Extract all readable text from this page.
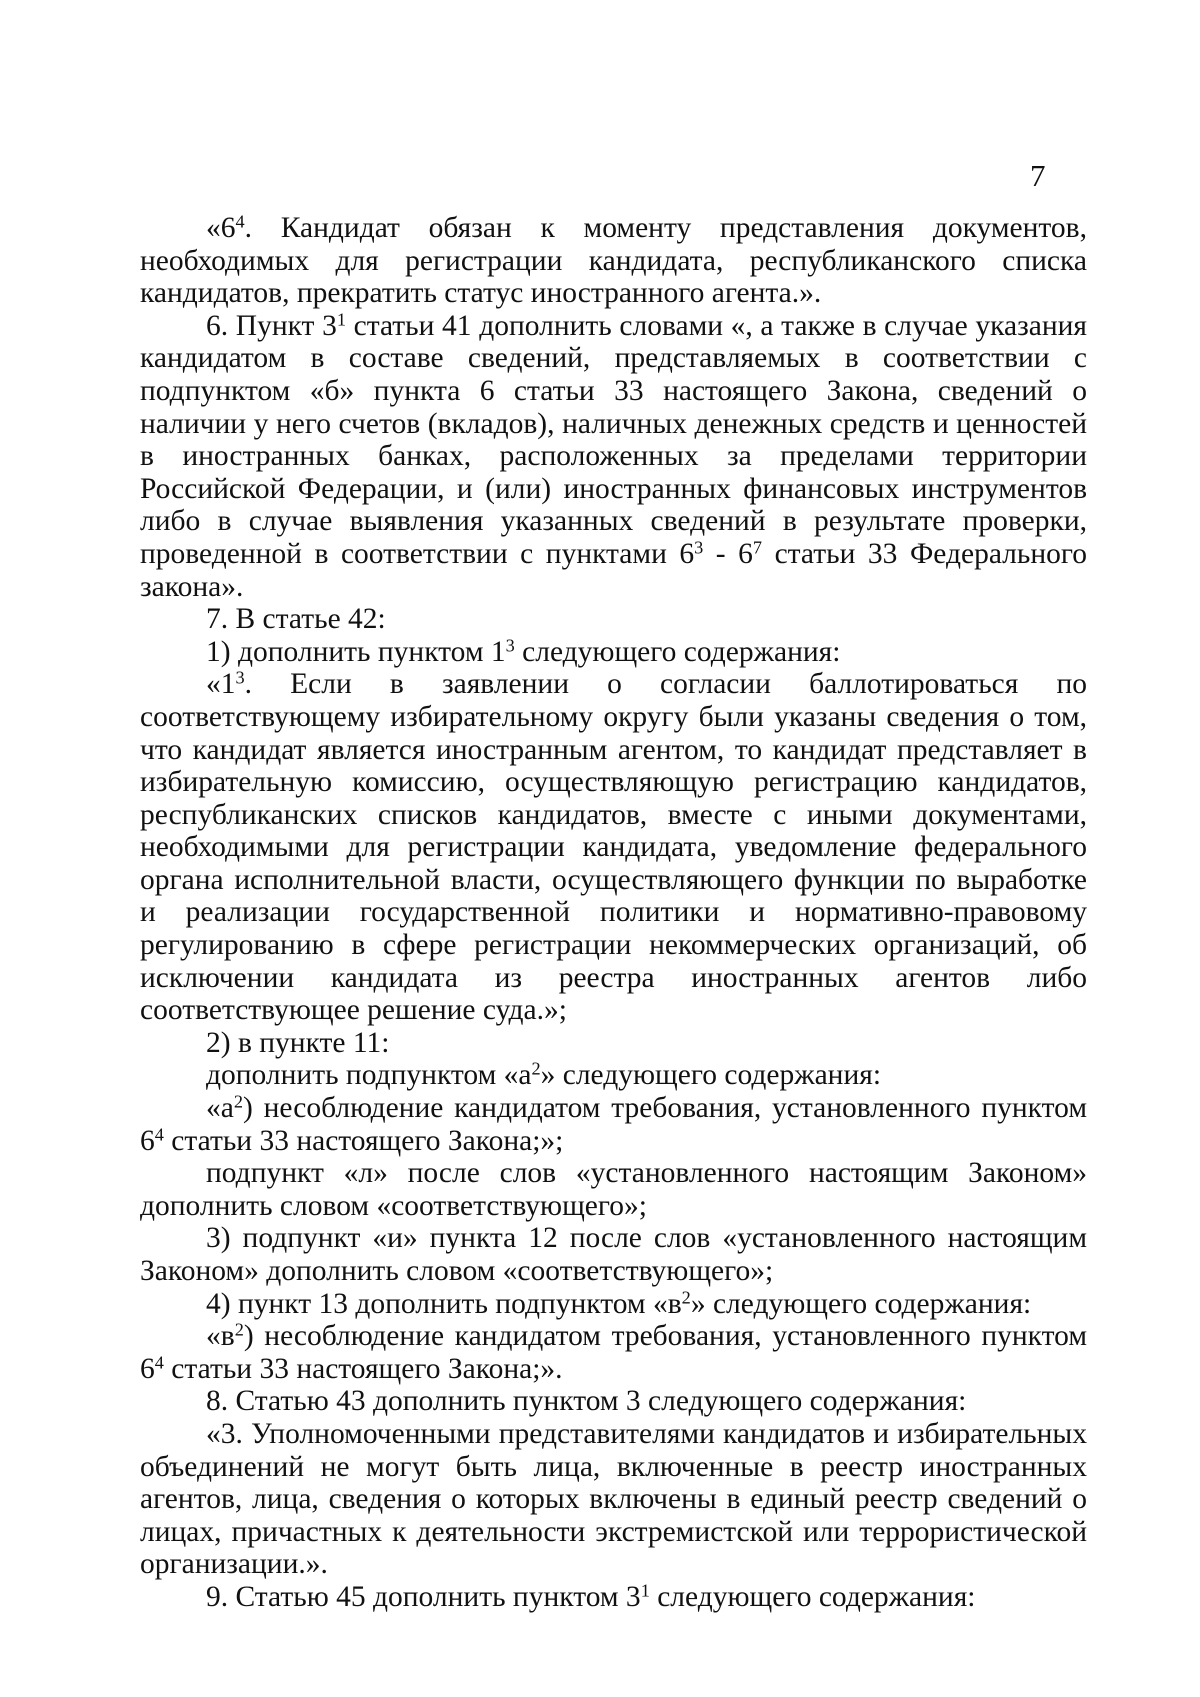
7

«$6^4$. Кандидат обязан к моменту представления документов, необходимых для регистрации кандидата, республиканского списка кандидатов, прекратить статус иностранного агента.».

6. Пункт $3^1$ статьи 41 дополнить словами «, а также в случае указания кандидатом в составе сведений, представляемых в соответствии с подпунктом «б» пункта 6 статьи 33 настоящего Закона, сведений о наличии у него счетов (вкладов), наличных денежных средств и ценностей в иностранных банках, расположенных за пределами территории Российской Федерации, и (или) иностранных финансовых инструментов либо в случае выявления указанных сведений в результате проверки, проведенной в соответствии с пунктами $6^3 - 6^7$ статьи 33 Федерального закона».

7. В статье 42:

1) дополнить пунктом $1^3$ следующего содержания:

«$1^3$. Если в заявлении о согласии баллотироваться по соответствующему избирательному округу были указаны сведения о том, что кандидат является иностранным агентом, то кандидат представляет в избирательную комиссию, осуществляющую регистрацию кандидатов, республиканских списков кандидатов, вместе с иными документами, необходимыми для регистрации кандидата, уведомление федерального органа исполнительной власти, осуществляющего функции по выработке и реализации государственной политики и нормативно-правовому регулированию в сфере регистрации некоммерческих организаций, об исключении кандидата из реестра иностранных агентов либо соответствующее решение суда.»;

2) в пункте 11:

дополнить подпунктом «$а^2$» следующего содержания:

«$а^2$) несоблюдение кандидатом требования, установленного пунктом $6^4$ статьи 33 настоящего Закона;»;

подпункт «л» после слов «установленного настоящим Законом» дополнить словом «соответствующего»;

3) подпункт «и» пункта 12 после слов «установленного настоящим Законом» дополнить словом «соответствующего»;

4) пункт 13 дополнить подпунктом «$в^2$» следующего содержания:

«$в^2$) несоблюдение кандидатом требования, установленного пунктом $6^4$ статьи 33 настоящего Закона;».

8. Статью 43 дополнить пунктом 3 следующего содержания:

«3. Уполномоченными представителями кандидатов и избирательных объединений не могут быть лица, включенные в реестр иностранных агентов, лица, сведения о которых включены в единый реестр сведений о лицах, причастных к деятельности экстремистской или террористической организации.».

9. Статью 45 дополнить пунктом $3^1$ следующего содержания:
